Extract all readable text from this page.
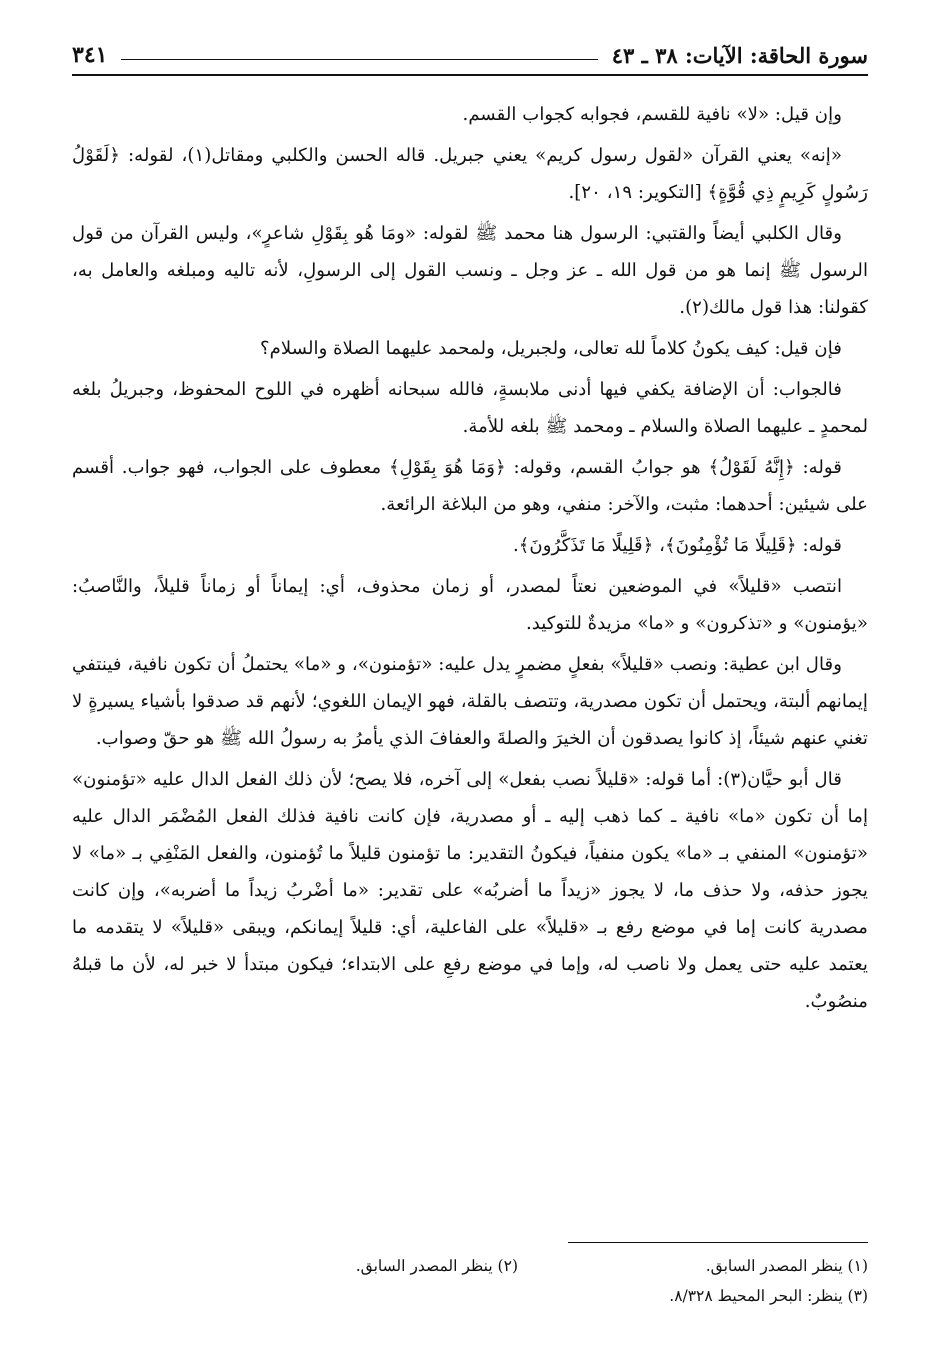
سورة الحاقة: الآيات: ٣٨ ـ ٤٣
٣٤١

وإن قيل: «لا» نافية للقسم، فجوابه كجواب القسم.

«إنه» يعني القرآن «لقول رسول كريم» يعني جبريل. قاله الحسن والكلبي ومقاتل(١)، لقوله: ﴿لَقَوْلُ رَسُولٍ كَرِيمٍ ذِي قُوَّةٍ﴾ [التكوير: ١٩، ٢٠].

وقال الكلبي أيضاً والقتبي: الرسول هنا محمد ﷺ لقوله: «ومَا هُو بِقَوْلِ شاعرٍ»، وليس القرآن من قول الرسول ﷺ إنما هو من قول الله ـ عز وجل ـ ونسب القول إلى الرسولِ، لأنه تاليه ومبلغه والعامل به، كقولنا: هذا قول مالك(٢).

فإن قيل: كيف يكونُ كلاماً لله تعالى، ولجبريل، ولمحمد عليهما الصلاة والسلام؟

فالجواب: أن الإضافة يكفي فيها أدنى ملابسةٍ، فالله سبحانه أظهره في اللوح المحفوظ، وجبريلُ بلغه لمحمدٍ ـ عليهما الصلاة والسلام ـ ومحمد ﷺ بلغه للأمة.

قوله: ﴿إِنَّهُ لَقَوْلُ﴾ هو جوابُ القسم، وقوله: ﴿وَمَا هُوَ بِقَوْلِ﴾ معطوف على الجواب، فهو جواب. أقسم على شيئين: أحدهما: مثبت، والآخر: منفي، وهو من البلاغة الرائعة.

قوله: ﴿قَلِيلًا مَا تُؤْمِنُونَ﴾، ﴿قَلِيلًا مَا تَذَكَّرُونَ﴾.

انتصب «قليلاً» في الموضعين نعتاً لمصدر، أو زمان محذوف، أي: إيماناً أو زماناً قليلاً، والنَّاصبُ: «يؤمنون» و «تذكرون» و «ما» مزيدةٌ للتوكيد.

وقال ابن عطية: ونصب «قليلاً» بفعلٍ مضمرٍ يدل عليه: «تؤمنون»، و «ما» يحتملُ أن تكون نافية، فينتفي إيمانهم ألبتة، ويحتمل أن تكون مصدرية، وتتصف بالقلة، فهو الإيمان اللغوي؛ لأنهم قد صدقوا بأشياء يسيرةٍ لا تغني عنهم شيئاً، إذ كانوا يصدقون أن الخيرَ والصلةَ والعفافَ الذي يأمرُ به رسولُ الله ﷺ هو حقّ وصواب.

قال أبو حيَّان(٣): أما قوله: «قليلاً نصب بفعل» إلى آخره، فلا يصح؛ لأن ذلك الفعل الدال عليه «تؤمنون» إما أن تكون «ما» نافية ـ كما ذهب إليه ـ أو مصدرية، فإن كانت نافية فذلك الفعل المُضْمَر الدال عليه «تؤمنون» المنفي بـ «ما» يكون منفياً، فيكونُ التقدير: ما تؤمنون قليلاً ما تُؤمنون، والفعل المَنْفِي بـ «ما» لا يجوز حذفه، ولا حذف ما، لا يجوز «زيداً ما أضربُه» على تقدير: «ما أضْربُ زيداً ما أضربه»، وإن كانت مصدرية كانت إما في موضع رفع بـ «قليلاً» على الفاعلية، أي: قليلاً إيمانكم، ويبقى «قليلاً» لا يتقدمه ما يعتمد عليه حتى يعمل ولا ناصب له، وإما في موضع رفعِ على الابتداء؛ فيكون مبتدأ لا خبر له، لأن ما قبلهُ منصُوبٌ.

(١) ينظر المصدر السابق.
(٢) ينظر المصدر السابق.
(٣) ينظر: البحر المحيط ٨/٣٢٨.
